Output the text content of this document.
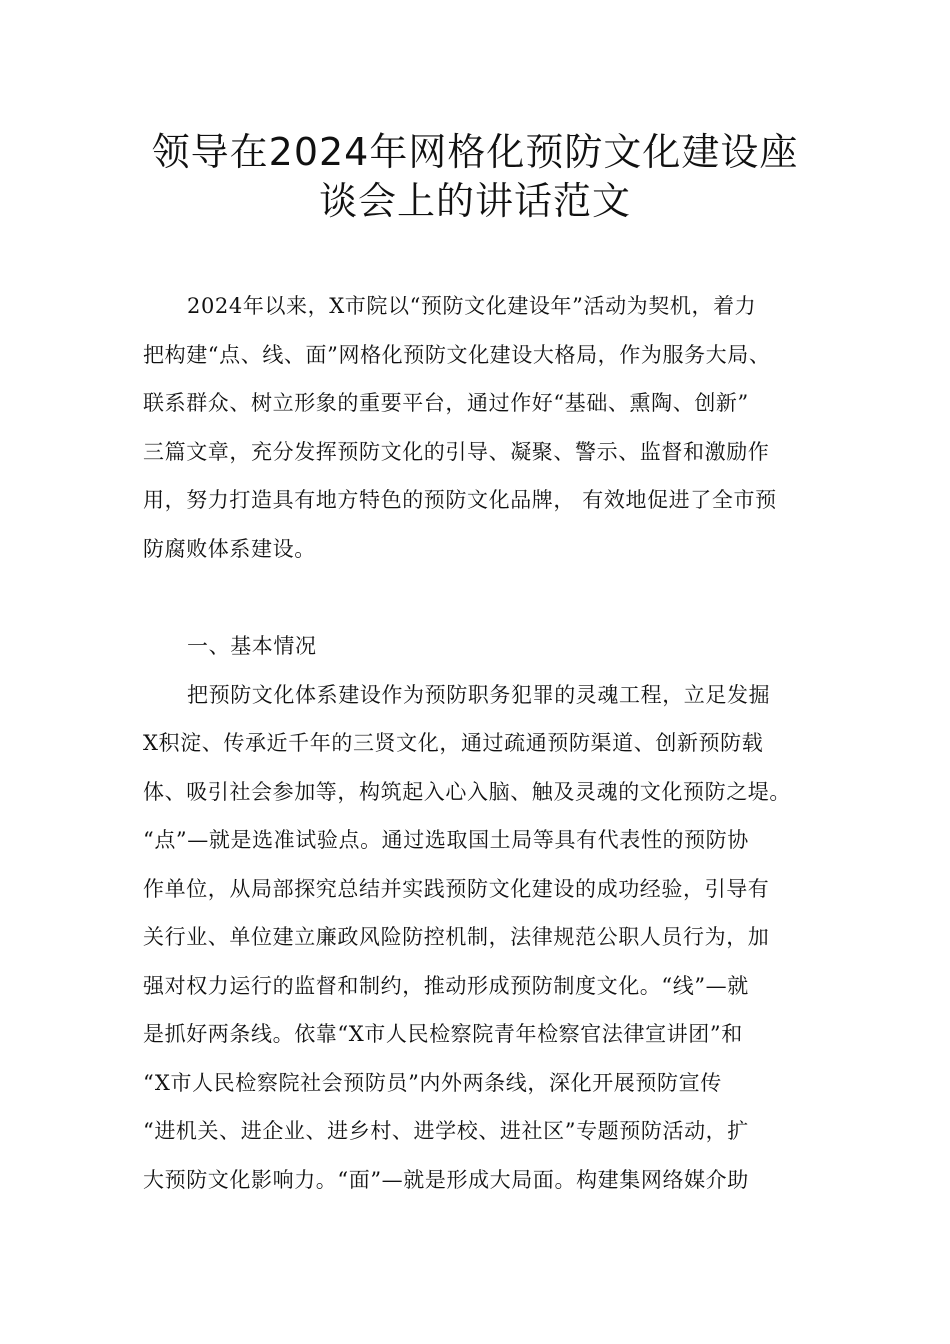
领导在2024年网格化预防文化建设座
谈会上的讲话范文
2024年以来，X市院以“预防文化建设年”活动为契机，着力
把构建“点、线、面”网格化预防文化建设大格局，作为服务大局、
联系群众、树立形象的重要平台，通过作好“基础、熏陶、创新”
三篇文章，充分发挥预防文化的引导、凝聚、警示、监督和激励作
用，努力打造具有地方特色的预防文化品牌， 有效地促进了全市预
防腐败体系建设。
一、基本情况
把预防文化体系建设作为预防职务犯罪的灵魂工程，立足发掘
X积淀、传承近千年的三贤文化，通过疏通预防渠道、创新预防载
体、吸引社会参加等，构筑起入心入脑、触及灵魂的文化预防之堤。
“点”—就是选准试验点。通过选取国土局等具有代表性的预防协
作单位，从局部探究总结并实践预防文化建设的成功经验，引导有
关行业、单位建立廉政风险防控机制，法律规范公职人员行为，加
强对权力运行的监督和制约，推动形成预防制度文化。“线”—就
是抓好两条线。依靠“X市人民检察院青年检察官法律宣讲团”和
“X市人民检察院社会预防员”内外两条线，深化开展预防宣传
“进机关、进企业、进乡村、进学校、进社区”专题预防活动，扩
大预防文化影响力。“面”—就是形成大局面。构建集网络媒介助
